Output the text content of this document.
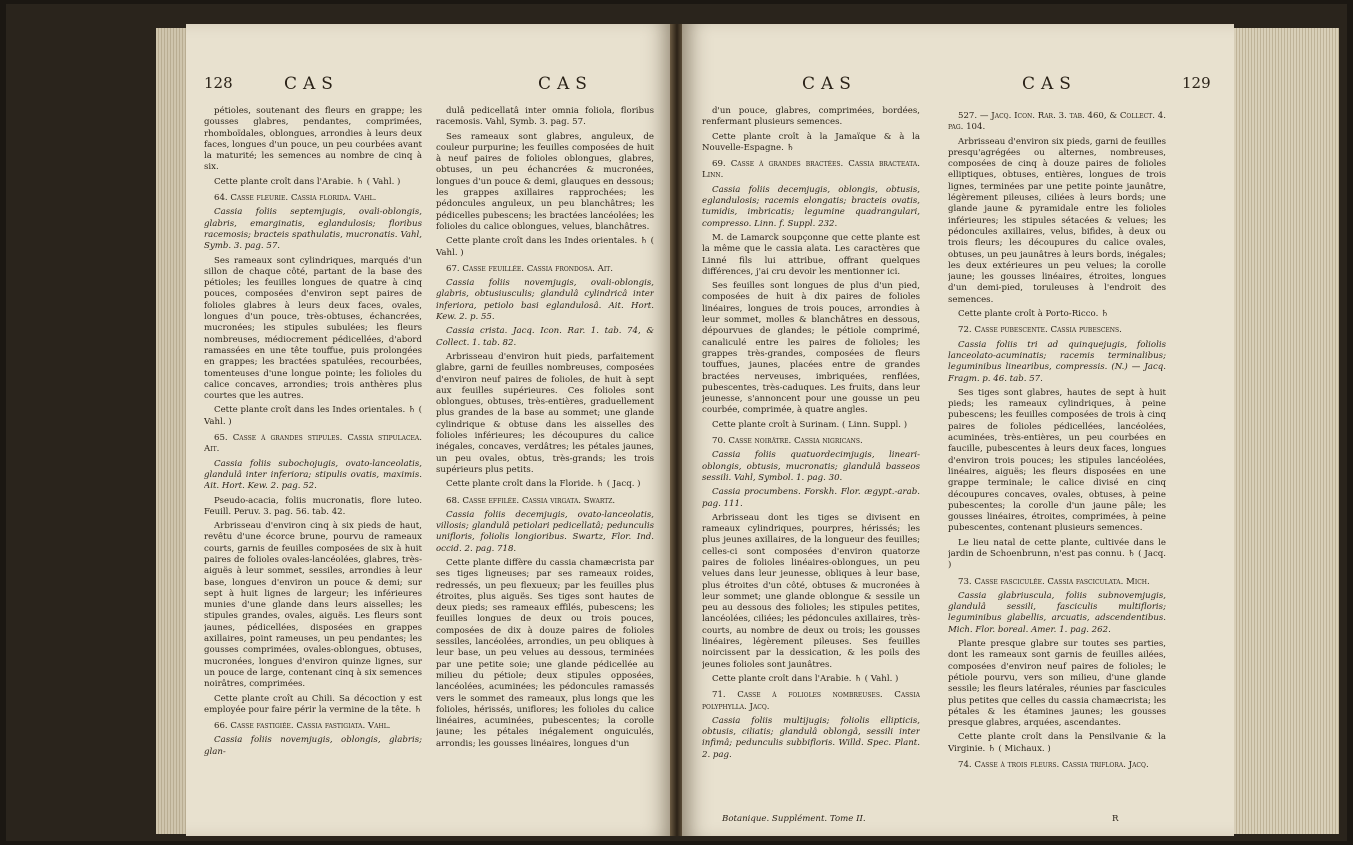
128	CAS	CAS

pétioles, soutenant des fleurs en grappe; les gousses glabres, pendantes, comprimées, rhomboïdales, oblongues, arrondies à leurs deux faces, longues d'un pouce, un peu courbées avant la maturité; les semences au nombre de cinq à six.

Cette plante croît dans l'Arabie. ♄ ( Vahl. )

64. Casse fleurie. Cassia florida. Vahl.

Cassia foliis septemjugis, ovali-oblongis, glabris, emarginatis, eglandulosis; floribus racemosis; bracteis spathulatis, mucronatis. Vahl, Symb. 3. pag. 57.

Ses rameaux sont cylindriques, marqués d'un sillon de chaque côté, partant de la base des pétioles; les feuilles longues de quatre à cinq pouces, composées d'environ sept paires de folioles glabres à leurs deux faces, ovales, longues d'un pouce, très-obtuses, échancrées, mucronées; les stipules subulées; les fleurs nombreuses, médiocrement pédicellées, d'abord ramassées en une tête touffue, puis prolongées en grappes; les bractées spatulées, recourbées, tomenteuses d'une longue pointe; les folioles du calice concaves, arrondies; trois anthères plus courtes que les autres.

Cette plante croît dans les Indes orientales. ♄ ( Vahl. )

65. Casse à grandes stipules. Cassia stipulacea. Ait.

Cassia foliis subochojugis, ovato-lanceolatis, glandulâ inter inferiora; stipulis ovatis, maximis. Ait. Hort. Kew. 2. pag. 52.

Pseudo-acacia, foliis mucronatis, flore luteo. Feuill. Peruv. 3. pag. 56. tab. 42.

Arbrisseau d'environ cinq à six pieds de haut, revêtu d'une écorce brune, pourvu de rameaux courts, garnis de feuilles composées de six à huit paires de folioles ovales-lancéolées, glabres, très-aiguës à leur sommet, sessiles, arrondies à leur base, longues d'environ un pouce & demi; sur sept à huit lignes de largeur; les inférieures munies d'une glande dans leurs aisselles; les stipules grandes, ovales, aiguës. Les fleurs sont jaunes, pédicellées, disposées en grappes axillaires, point rameuses, un peu pendantes; les gousses comprimées, ovales-oblongues, obtuses, mucronées, longues d'environ quinze lignes, sur un pouce de large, contenant cinq à six semences noirâtres, comprimées.

Cette plante croît au Chili. Sa décoction y est employée pour faire périr la vermine de la tête. ♄

66. Casse fastigiée. Cassia fastigiata. Vahl.

Cassia foliis novemjugis, oblongis, glabris; glan-

dulâ pedicellatâ inter omnia foliola, floribus racemosis. Vahl, Symb. 3. pag. 57.

Ses rameaux sont glabres, anguleux, de couleur purpurine; les feuilles composées de huit à neuf paires de folioles oblongues, glabres, obtuses, un peu échancrées & mucronées, longues d'un pouce & demi, glauques en dessous; les grappes axillaires rapprochées; les pédoncules anguleux, un peu blanchâtres; les pédicelles pubescens; les bractées lancéolées; les folioles du calice oblongues, velues, blanchâtres.

Cette plante croît dans les Indes orientales. ♄ ( Vahl. )

67. Casse feuillée. Cassia frondosa. Ait.

Cassia foliis novemjugis, ovali-oblongis, glabris, obtusiusculis; glandulâ cylindricâ inter inferiora, petiolo basi eglandulosâ. Ait. Hort. Kew. 2. p. 55.

Cassia crista. Jacq. Icon. Rar. 1. tab. 74, & Collect. 1. tab. 82.

Arbrisseau d'environ huit pieds, parfaitement glabre, garni de feuilles nombreuses, composées d'environ neuf paires de folioles, de huit à sept aux feuilles supérieures. Ces folioles sont oblongues, obtuses, très-entières, graduellement plus grandes de la base au sommet; une glande cylindrique & obtuse dans les aisselles des folioles inférieures; les découpures du calice inégales, concaves, verdâtres; les pétales jaunes, un peu ovales, obtus, très-grands; les trois supérieurs plus petits.

Cette plante croît dans la Floride. ♄ ( Jacq. )

68. Casse effilée. Cassia virgata. Swartz.

Cassia foliis decemjugis, ovato-lanceolatis, villosis; glandulâ petiolari pedicellatâ; pedunculis unifloris, foliolis longioribus. Swartz, Flor. Ind. occid. 2. pag. 718.

Cette plante diffère du cassia chamæcrista par ses tiges ligneuses; par ses rameaux roides, redressés, un peu flexueux; par les feuilles plus étroites, plus aiguës. Ses tiges sont hautes de deux pieds; ses rameaux effilés, pubescens; les feuilles longues de deux ou trois pouces, composées de dix à douze paires de folioles sessiles, lancéolées, arrondies, un peu obliques à leur base, un peu velues au dessous, terminées par une petite soie; une glande pédicellée au milieu du pétiole; deux stipules opposées, lancéolées, acuminées; les pédoncules ramassés vers le sommet des rameaux, plus longs que les folioles, hérissés, uniflores; les folioles du calice linéaires, acuminées, pubescentes; la corolle jaune; les pétales inégalement onguiculés, arrondis; les gousses linéaires, longues d'un

CAS	CAS	129

d'un pouce, glabres, comprimées, bordées, renfermant plusieurs semences.

Cette plante croît à la Jamaïque & à la Nouvelle-Espagne. ♄

69. Casse à grandes bractées. Cassia bracteata. Linn.

Cassia foliis decemjugis, oblongis, obtusis, eglandulosis; racemis elongatis; bracteis ovatis, tumidis, imbricatis; legumine quadrangulari, compresso. Linn. f. Suppl. 232.

M. de Lamarck soupçonne que cette plante est la même que le cassia alata. Les caractères que Linné fils lui attribue, offrant quelques différences, j'ai cru devoir les mentionner ici.

Ses feuilles sont longues de plus d'un pied, composées de huit à dix paires de folioles linéaires, longues de trois pouces, arrondies à leur sommet, molles & blanchâtres en dessous, dépourvues de glandes; le pétiole comprimé, canaliculé entre les paires de folioles; les grappes très-grandes, composées de fleurs touffues, jaunes, placées entre de grandes bractées nerveuses, imbriquées, renflées, pubescentes, très-caduques. Les fruits, dans leur jeunesse, s'annoncent pour une gousse un peu courbée, comprimée, à quatre angles.

Cette plante croît à Surinam. ( Linn. Suppl. )

70. Casse noirâtre. Cassia nigricans.

Cassia foliis quatuordecimjugis, lineari-oblongis, obtusis, mucronatis; glandulâ basseos sessili. Vahl, Symbol. 1. pag. 30.

Cassia procumbens. Forskh. Flor. ægypt.-arab. pag. 111.

Arbrisseau dont les tiges se divisent en rameaux cylindriques, pourpres, hérissés; les plus jeunes axillaires, de la longueur des feuilles; celles-ci sont composées d'environ quatorze paires de folioles linéaires-oblongues, un peu velues dans leur jeunesse, obliques à leur base, plus étroites d'un côté, obtuses & mucronées à leur sommet; une glande oblongue & sessile un peu au dessous des folioles; les stipules petites, lancéolées, ciliées; les pédoncules axillaires, très-courts, au nombre de deux ou trois; les gousses linéaires, légèrement pileuses. Ses feuilles noircissent par la dessication, & les poils des jeunes folioles sont jaunâtres.

Cette plante croît dans l'Arabie. ♄ ( Vahl. )

71. Casse à folioles nombreuses. Cassia polyphylla. Jacq.

Cassia foliis multijugis; foliolis ellipticis, obtusis, ciliatis; glandulâ oblongâ, sessili inter infimâ; pedunculis subbifloris. Willd. Spec. Plant. 2. pag.

527. — Jacq. Icon. Rar. 3. tab. 460, & Collect. 4. pag. 104.

Arbrisseau d'environ six pieds, garni de feuilles presqu'agrégées ou alternes, nombreuses, composées de cinq à douze paires de folioles elliptiques, obtuses, entières, longues de trois lignes, terminées par une petite pointe jaunâtre, légèrement pileuses, ciliées à leurs bords; une glande jaune & pyramidale entre les folioles inférieures; les stipules sétacées & velues; les pédoncules axillaires, velus, bifides, à deux ou trois fleurs; les découpures du calice ovales, obtuses, un peu jaunâtres à leurs bords, inégales; les deux extérieures un peu velues; la corolle jaune; les gousses linéaires, étroites, longues d'un demi-pied, toruleuses à l'endroit des semences.

Cette plante croît à Porto-Ricco. ♄

72. Casse pubescente. Cassia pubescens.

Cassia foliis tri ad quinquejugis, foliolis lanceolato-acuminatis; racemis terminalibus; leguminibus linearibus, compressis. (N.) — Jacq. Fragm. p. 46. tab. 57.

Ses tiges sont glabres, hautes de sept à huit pieds; les rameaux cylindriques, à peine pubescens; les feuilles composées de trois à cinq paires de folioles pédicellées, lancéolées, acuminées, très-entières, un peu courbées en faucille, pubescentes à leurs deux faces, longues d'environ trois pouces; les stipules lancéolées, linéaires, aiguës; les fleurs disposées en une grappe terminale; le calice divisé en cinq découpures concaves, ovales, obtuses, à peine pubescentes; la corolle d'un jaune pâle; les gousses linéaires, étroites, comprimées, à peine pubescentes, contenant plusieurs semences.

Le lieu natal de cette plante, cultivée dans le jardin de Schoenbrunn, n'est pas connu. ♄ ( Jacq. )

73. Casse fasciculée. Cassia fasciculata. Mich.

Cassia glabriuscula, foliis subnovemjugis, glandulâ sessili, fasciculis multifloris; leguminibus glabellis, arcuatis, adscendentibus. Mich. Flor. boreal. Amer. 1. pag. 262.

Plante presque glabre sur toutes ses parties, dont les rameaux sont garnis de feuilles ailées, composées d'environ neuf paires de folioles; le pétiole pourvu, vers son milieu, d'une glande sessile; les fleurs latérales, réunies par fascicules plus petites que celles du cassia chamæcrista; les pétales & les étamines jaunes; les gousses presque glabres, arquées, ascendantes.

Cette plante croît dans la Pensilvanie & la Virginie. ♄ ( Michaux. )

74. Casse à trois fleurs. Cassia triflora. Jacq.

Botanique. Supplément. Tome II.	R
